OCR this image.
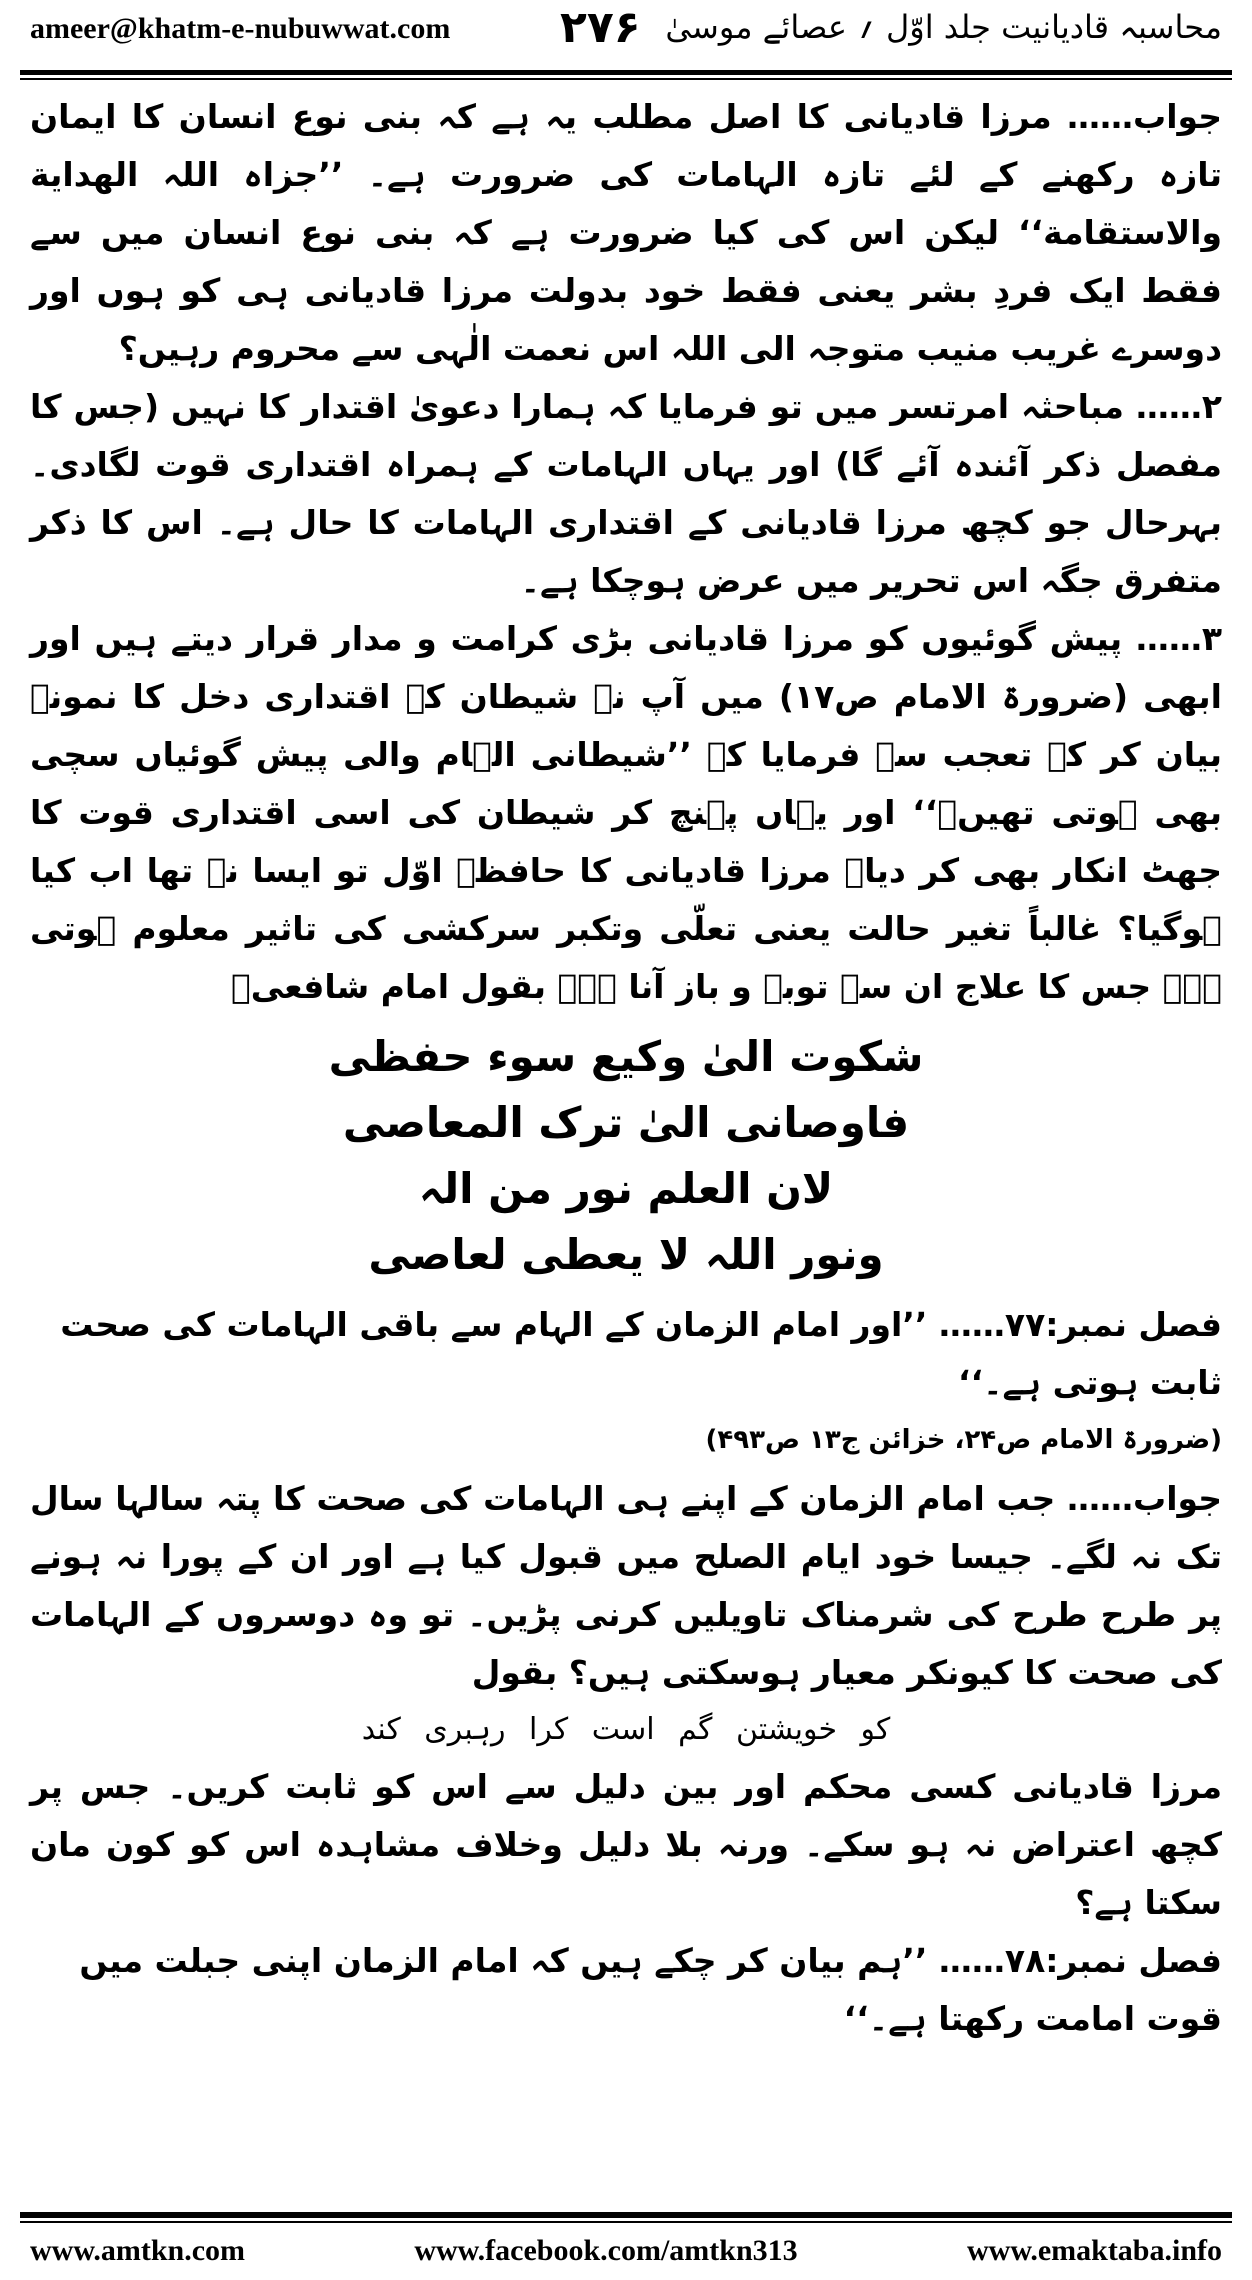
ameer@khatm-e-nubuwwat.com ۲۷۶ محاسبہ قادیانیت جلد اوّل ؍ عصائے موسیٰ

جواب…… مرزا قادیانی کا اصل مطلب یہ ہے کہ بنی نوع انسان کا ایمان تازہ رکھنے کے لئے تازہ الہامات کی ضرورت ہے۔ ’’جزاہ اللہ الهداية والاستقامة‘‘ لیکن اس کی کیا ضرورت ہے کہ بنی نوع انسان میں سے فقط ایک فردِ بشر یعنی فقط خود بدولت مرزا قادیانی ہی کو ہوں اور دوسرے غریب منیب متوجہ الی اللہ اس نعمت الٰہی سے محروم رہیں؟

۲…… مباحثہ امرتسر میں تو فرمایا کہ ہمارا دعویٰ اقتدار کا نہیں (جس کا مفصل ذکر آئندہ آئے گا) اور یہاں الہامات کے ہمراہ اقتداری قوت لگادی۔ بہرحال جو کچھ مرزا قادیانی کے اقتداری الہامات کا حال ہے۔ اس کا ذکر متفرق جگہ اس تحریر میں عرض ہوچکا ہے۔

۳…… پیش گوئیوں کو مرزا قادیانی بڑی کرامت و مدار قرار دیتے ہیں اور ابھی (ضرورۃ الامام ص۱۷) میں آپ نے شیطان کے اقتداری دخل کا نمونہ بیان کر کے تعجب سے فرمایا کہ ’’شیطانی الہام والی پیش گوئیاں سچی بھی ہوتی تھیں۔‘‘ اور یہاں پہنچ کر شیطان کی اسی اقتداری قوت کا جھٹ انکار بھی کر دیا۔ مرزا قادیانی کا حافظہ اوّل تو ایسا نہ تھا اب کیا ہوگیا؟ غالباً تغیر حالت یعنی تعلّی وتکبر سرکشی کی تاثیر معلوم ہوتی ہے۔ جس کا علاج ان سے توبہ و باز آنا ہے۔ بقول امام شافعیؒ

شکوت الیٰ وکیع سوء حفظی

فاوصانی الیٰ ترک المعاصی

لان العلم نور من الہ

ونور اللہ لا یعطی لعاصی

فصل نمبر:۷۷…… ’’اور امام الزمان کے الہام سے باقی الہامات کی صحت ثابت ہوتی ہے۔‘‘

(ضرورۃ الامام ص۲۴، خزائن ج۱۳ ص۴۹۳)

جواب…… جب امام الزمان کے اپنے ہی الہامات کی صحت کا پتہ سالہا سال تک نہ لگے۔ جیسا خود ایام الصلح میں قبول کیا ہے اور ان کے پورا نہ ہونے پر طرح طرح کی شرمناک تاویلیں کرنی پڑیں۔ تو وہ دوسروں کے الہامات کی صحت کا کیونکر معیار ہوسکتی ہیں؟ بقول

کو خویشتن گم است کرا رہبری کند

مرزا قادیانی کسی محکم اور بین دلیل سے اس کو ثابت کریں۔ جس پر کچھ اعتراض نہ ہو سکے۔ ورنہ بلا دلیل وخلاف مشاہدہ اس کو کون مان سکتا ہے؟

فصل نمبر:۷۸…… ’’ہم بیان کر چکے ہیں کہ امام الزمان اپنی جبلت میں قوت امامت رکھتا ہے۔‘‘

www.amtkn.com	www.facebook.com/amtkn313	www.emaktaba.info
